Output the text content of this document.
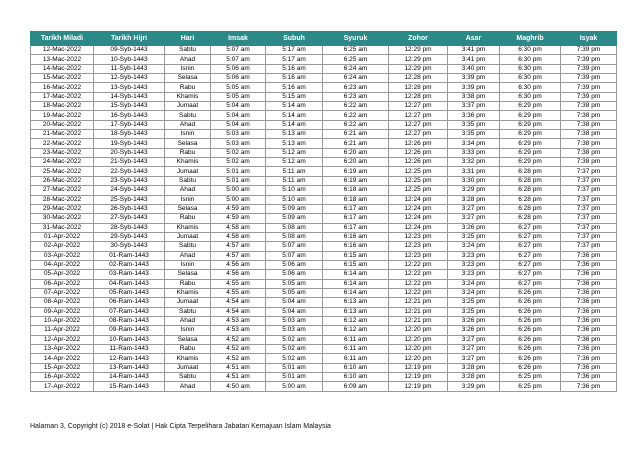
Tarikh Miladi	Tarikh Hijri	Hari	Imsak	Subuh	Syuruk	Zohor	Asar	Maghrib	Isyak
12-Mac-2022	09-Syb-1443	Sabtu	5:07 am	5:17 am	6:25 am	12:29 pm	3:41 pm	6:30 pm	7:39 pm
13-Mac-2022	10-Syb-1443	Ahad	5:07 am	5:17 am	6:25 am	12:29 pm	3:41 pm	6:30 pm	7:39 pm
14-Mac-2022	11-Syb-1443	Isnin	5:06 am	5:16 am	6:24 am	12:29 pm	3:40 pm	6:30 pm	7:39 pm
15-Mac-2022	12-Syb-1443	Selasa	5:06 am	5:16 am	6:24 am	12:28 pm	3:39 pm	6:30 pm	7:39 pm
16-Mac-2022	13-Syb-1443	Rabu	5:05 am	5:16 am	6:23 am	12:28 pm	3:39 pm	6:30 pm	7:39 pm
17-Mac-2022	14-Syb-1443	Khamis	5:05 am	5:15 am	6:23 am	12:28 pm	3:38 pm	6:30 pm	7:39 pm
18-Mac-2022	15-Syb-1443	Jumaat	5:04 am	5:14 am	6:22 am	12:27 pm	3:37 pm	6:29 pm	7:38 pm
19-Mac-2022	16-Syb-1443	Sabtu	5:04 am	5:14 am	6:22 am	12:27 pm	3:36 pm	6:29 pm	7:38 pm
20-Mac-2022	17-Syb-1443	Ahad	5:04 am	5:14 am	6:22 am	12:27 pm	3:35 pm	6:29 pm	7:38 pm
21-Mac-2022	18-Syb-1443	Isnin	5:03 am	5:13 am	6:21 am	12:27 pm	3:35 pm	6:29 pm	7:38 pm
22-Mac-2022	19-Syb-1443	Selasa	5:03 am	5:13 am	6:21 am	12:26 pm	3:34 pm	6:29 pm	7:38 pm
23-Mac-2022	20-Syb-1443	Rabu	5:02 am	5:12 am	6:20 am	12:26 pm	3:33 pm	6:29 pm	7:38 pm
24-Mac-2022	21-Syb-1443	Khamis	5:02 am	5:12 am	6:20 am	12:26 pm	3:32 pm	6:29 pm	7:38 pm
25-Mac-2022	22-Syb-1443	Jumaat	5:01 am	5:11 am	6:19 am	12:25 pm	3:31 pm	6:28 pm	7:37 pm
26-Mac-2022	23-Syb-1443	Sabtu	5:01 am	5:11 am	6:19 am	12:25 pm	3:30 pm	6:28 pm	7:37 pm
27-Mac-2022	24-Syb-1443	Ahad	5:00 am	5:10 am	6:18 am	12:25 pm	3:29 pm	6:28 pm	7:37 pm
28-Mac-2022	25-Syb-1443	Isnin	5:00 am	5:10 am	6:18 am	12:24 pm	3:28 pm	6:28 pm	7:37 pm
29-Mac-2022	26-Syb-1443	Selasa	4:59 am	5:09 am	6:17 am	12:24 pm	3:27 pm	6:28 pm	7:37 pm
30-Mac-2022	27-Syb-1443	Rabu	4:59 am	5:09 am	6:17 am	12:24 pm	3:27 pm	6:28 pm	7:37 pm
31-Mac-2022	28-Syb-1443	Khamis	4:58 am	5:08 am	6:17 am	12:24 pm	3:26 pm	6:27 pm	7:37 pm
01-Apr-2022	29-Syb-1443	Jumaat	4:58 am	5:08 am	6:16 am	12:23 pm	3:25 pm	6:27 pm	7:37 pm
02-Apr-2022	30-Syb-1443	Sabtu	4:57 am	5:07 am	6:16 am	12:23 pm	3:24 pm	6:27 pm	7:37 pm
03-Apr-2022	01-Ram-1443	Ahad	4:57 am	5:07 am	6:15 am	12:23 pm	3:23 pm	6:27 pm	7:36 pm
04-Apr-2022	02-Ram-1443	Isnin	4:56 am	5:06 am	6:15 am	12:22 pm	3:23 pm	6:27 pm	7:36 pm
05-Apr-2022	03-Ram-1443	Selasa	4:56 am	5:06 am	6:14 am	12:22 pm	3:23 pm	6:27 pm	7:36 pm
06-Apr-2022	04-Ram-1443	Rabu	4:55 am	5:05 am	6:14 am	12:22 pm	3:24 pm	6:27 pm	7:36 pm
07-Apr-2022	05-Ram-1443	Khamis	4:55 am	5:05 am	6:14 am	12:22 pm	3:24 pm	6:26 pm	7:36 pm
08-Apr-2022	06-Ram-1443	Jumaat	4:54 am	5:04 am	6:13 am	12:21 pm	3:25 pm	6:26 pm	7:36 pm
09-Apr-2022	07-Ram-1443	Sabtu	4:54 am	5:04 am	6:13 am	12:21 pm	3:25 pm	6:26 pm	7:36 pm
10-Apr-2022	08-Ram-1443	Ahad	4:53 am	5:03 am	6:12 am	12:21 pm	3:26 pm	6:26 pm	7:36 pm
11-Apr-2022	09-Ram-1443	Isnin	4:53 am	5:03 am	6:12 am	12:20 pm	3:26 pm	6:26 pm	7:36 pm
12-Apr-2022	10-Ram-1443	Selasa	4:52 am	5:02 am	6:11 am	12:20 pm	3:27 pm	6:26 pm	7:36 pm
13-Apr-2022	11-Ram-1443	Rabu	4:52 am	5:02 am	6:11 am	12:20 pm	3:27 pm	6:26 pm	7:36 pm
14-Apr-2022	12-Ram-1443	Khamis	4:52 am	5:02 am	6:11 am	12:20 pm	3:27 pm	6:26 pm	7:36 pm
15-Apr-2022	13-Ram-1443	Jumaat	4:51 am	5:01 am	6:10 am	12:19 pm	3:28 pm	6:26 pm	7:36 pm
16-Apr-2022	14-Ram-1443	Sabtu	4:51 am	5:01 am	6:10 am	12:19 pm	3:28 pm	6:25 pm	7:36 pm
17-Apr-2022	15-Ram-1443	Ahad	4:50 am	5:00 am	6:09 am	12:19 pm	3:29 pm	6:25 pm	7:36 pm
Halaman 3, Copyright (c) 2018 e-Solat | Hak Cipta Terpelihara Jabatan Kemajuan Islam Malaysia
